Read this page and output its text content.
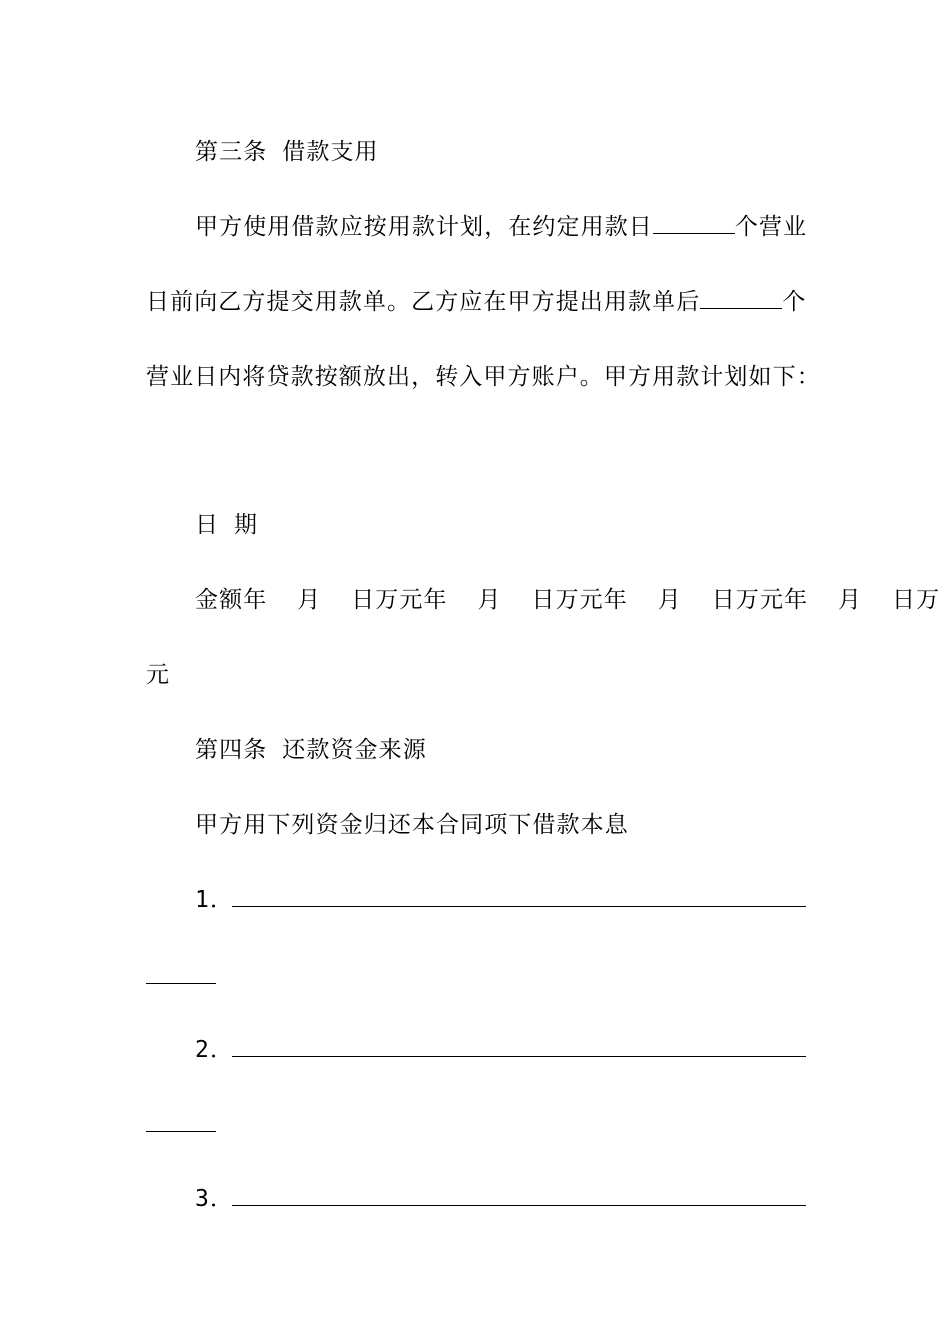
第三条 借款支用
甲方使用借款应按用款计划，在约定用款日	个营业
日前向乙方提交用款单。乙方应在甲方提出用款单后	个
营业日内将贷款按额放出，转入甲方账户。甲方用款计划如下：
日 期
金额年  月  日万元年  月  日万元年  月  日万元年  月  日万
元
第四条 还款资金来源
甲方用下列资金归还本合同项下借款本息
1．
2．
3．
